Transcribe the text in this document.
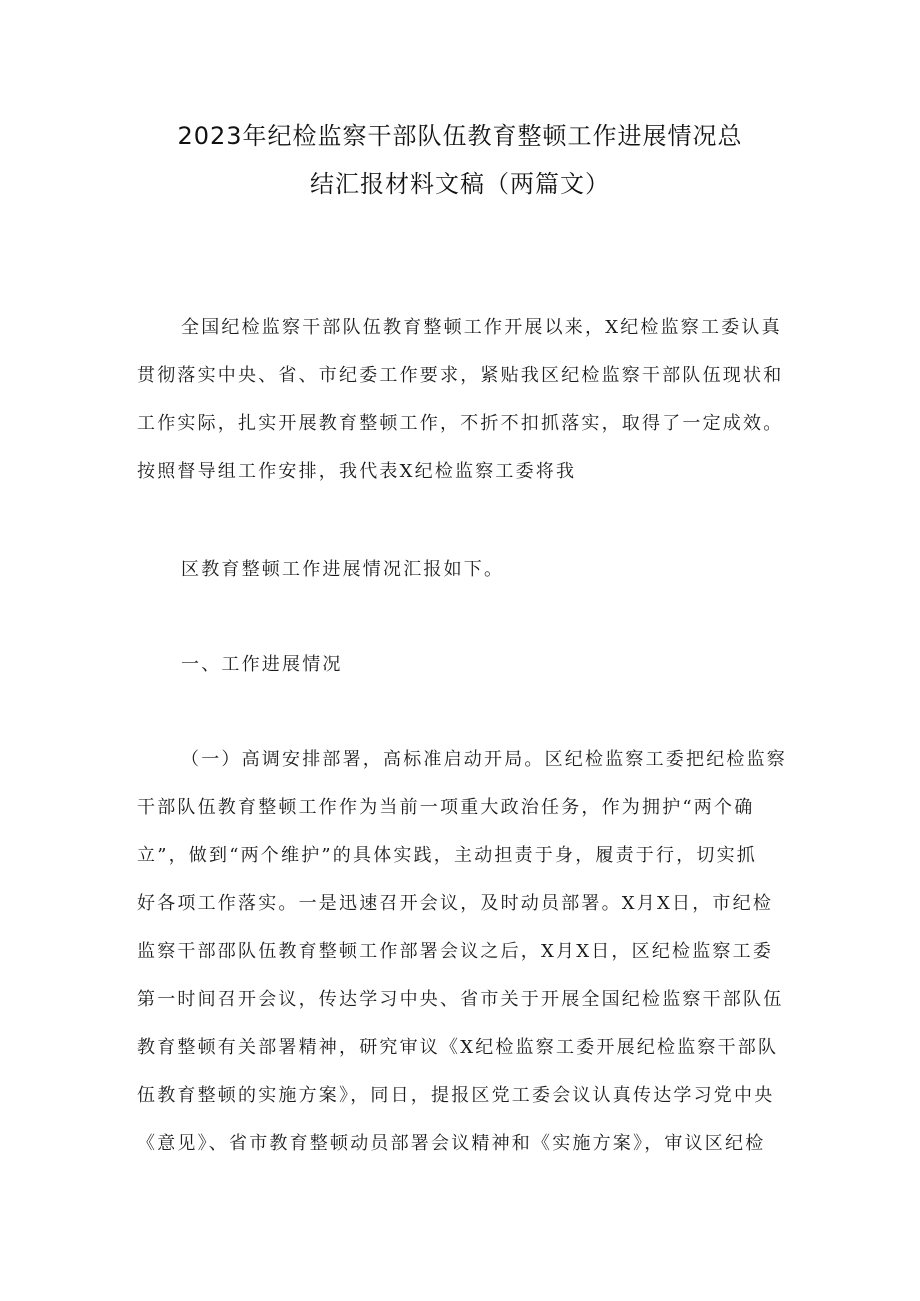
2023年纪检监察干部队伍教育整顿工作进展情况总
结汇报材料文稿（两篇文）
全国纪检监察干部队伍教育整顿工作开展以来，X纪检监察工委认真
贯彻落实中央、省、市纪委工作要求，紧贴我区纪检监察干部队伍现状和
工作实际，扎实开展教育整顿工作，不折不扣抓落实，取得了一定成效。
按照督导组工作安排，我代表X纪检监察工委将我
区教育整顿工作进展情况汇报如下。
一、工作进展情况
（一）高调安排部署，高标准启动开局。区纪检监察工委把纪检监察
干部队伍教育整顿工作作为当前一项重大政治任务，作为拥护“两个确
立”，做到“两个维护”的具体实践，主动担责于身，履责于行，切实抓
好各项工作落实。一是迅速召开会议，及时动员部署。X月X日，市纪检
监察干部邵队伍教育整顿工作部署会议之后，X月X日，区纪检监察工委
第一时间召开会议，传达学习中央、省市关于开展全国纪检监察干部队伍
教育整顿有关部署精神，研究审议《X纪检监察工委开展纪检监察干部队
伍教育整顿的实施方案》，同日，提报区党工委会议认真传达学习党中央
《意见》、省市教育整顿动员部署会议精神和《实施方案》，审议区纪检
